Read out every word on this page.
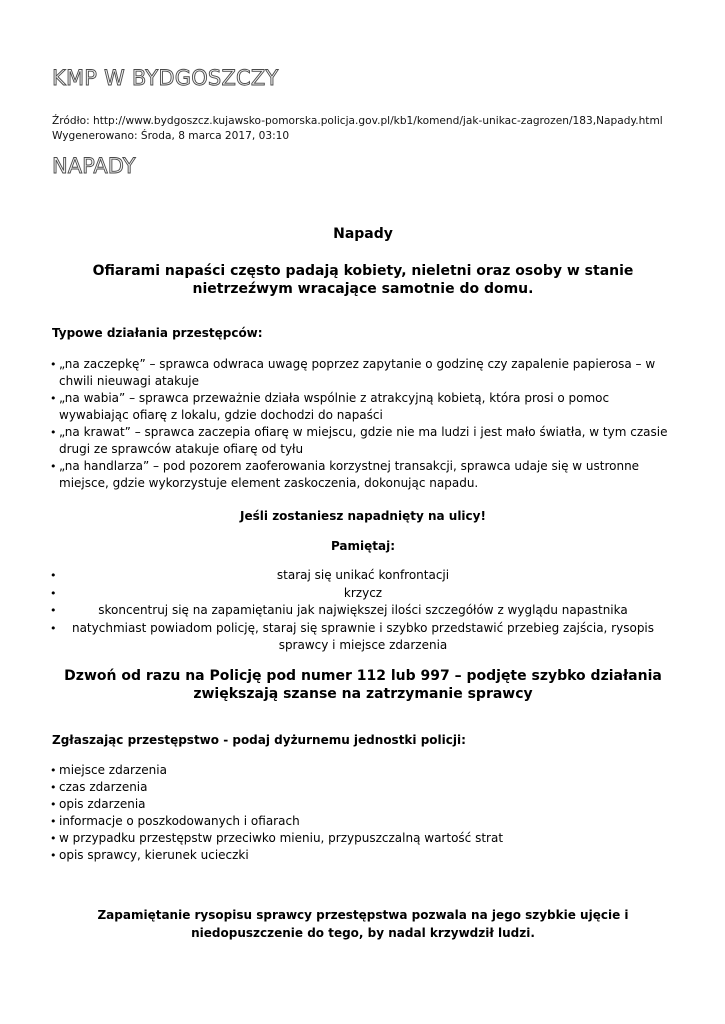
KMP W BYDGOSZCZY
Źródło: http://www.bydgoszcz.kujawsko-pomorska.policja.gov.pl/kb1/komend/jak-unikac-zagrozen/183,Napady.html
Wygenerowano: Środa, 8 marca 2017, 03:10
NAPADY
Napady
Ofiarami napaści często padają kobiety, nieletni oraz osoby w stanie nietrzeźwym wracające samotnie do domu.
Typowe działania przestępców:
• „na zaczepkę” – sprawca odwraca uwagę poprzez zapytanie o godzinę czy zapalenie papierosa – w chwili nieuwagi atakuje
• „na wabia” – sprawca przeważnie działa wspólnie z atrakcyjną kobietą, która prosi o pomoc wywabiając ofiarę z lokalu, gdzie dochodzi do napaści
• „na krawat” – sprawca zaczepia ofiarę w miejscu, gdzie nie ma ludzi i jest mało światła, w tym czasie drugi ze sprawców atakuje ofiarę od tyłu
• „na handlarza” – pod pozorem zaoferowania korzystnej transakcji, sprawca udaje się w ustronne miejsce, gdzie wykorzystuje element zaskoczenia, dokonując napadu.
Jeśli zostaniesz napadnięty na ulicy!
Pamiętaj:
• staraj się unikać konfrontacji
• krzycz
• skoncentruj się na zapamiętaniu jak największej ilości szczegółów z wyglądu napastnika
• natychmiast powiadom policję, staraj się sprawnie i szybko przedstawić przebieg zajścia, rysopis sprawcy i miejsce zdarzenia
Dzwoń od razu na Policję pod numer 112 lub 997 – podjęte szybko działania zwiększają szanse na zatrzymanie sprawcy
Zgłaszając przestępstwo - podaj dyżurnemu jednostki policji:
• miejsce zdarzenia
• czas zdarzenia
• opis zdarzenia
• informacje o poszkodowanych i ofiarach
• w przypadku przestępstw przeciwko mieniu, przypuszczalną wartość strat
• opis sprawcy, kierunek ucieczki
Zapamiętanie rysopisu sprawcy przestępstwa pozwala na jego szybkie ujęcie i niedopuszczenie do tego, by nadal krzywdził ludzi.
